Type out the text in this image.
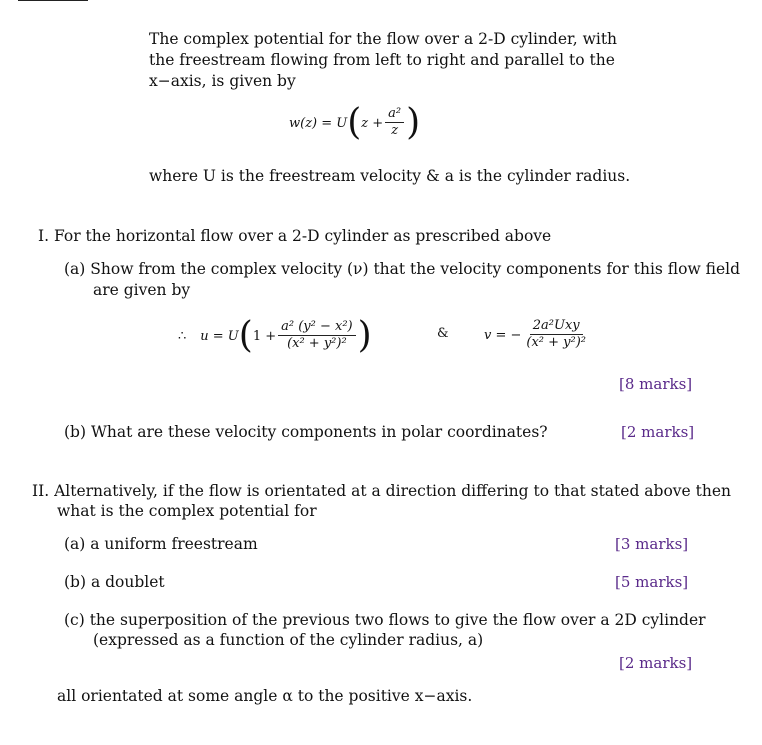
The complex potential for the flow over a 2-D cylinder, with
the freestream flowing from left to right and parallel to the
x−axis, is given by
w(z) = U ( $z + \frac{\text{a²}}{z}$ )
where U is the freestream velocity & a is the cylinder radius.
I. For the horizontal flow over a 2-D cylinder as prescribed above
(a) Show from the complex velocity (ν) that the velocity components for this flow field
are given by
∴ u = U ( $1 + \frac{\text{a² (y² − x²)}}{\text{(x² + y²)²}}$ )	&	v = − $\frac{\text{2a²Uxy}}{\text{(x² + y²)²}}$
[8 marks]
(b) What are these velocity components in polar coordinates?	[2 marks]
II. Alternatively, if the flow is orientated at a direction differing to that stated above then
what is the complex potential for
(a) a uniform freestream	[3 marks]
(b) a doublet	[5 marks]
(c) the superposition of the previous two flows to give the flow over a 2D cylinder
(expressed as a function of the cylinder radius, a)
[2 marks]
all orientated at some angle α to the positive x−axis.
